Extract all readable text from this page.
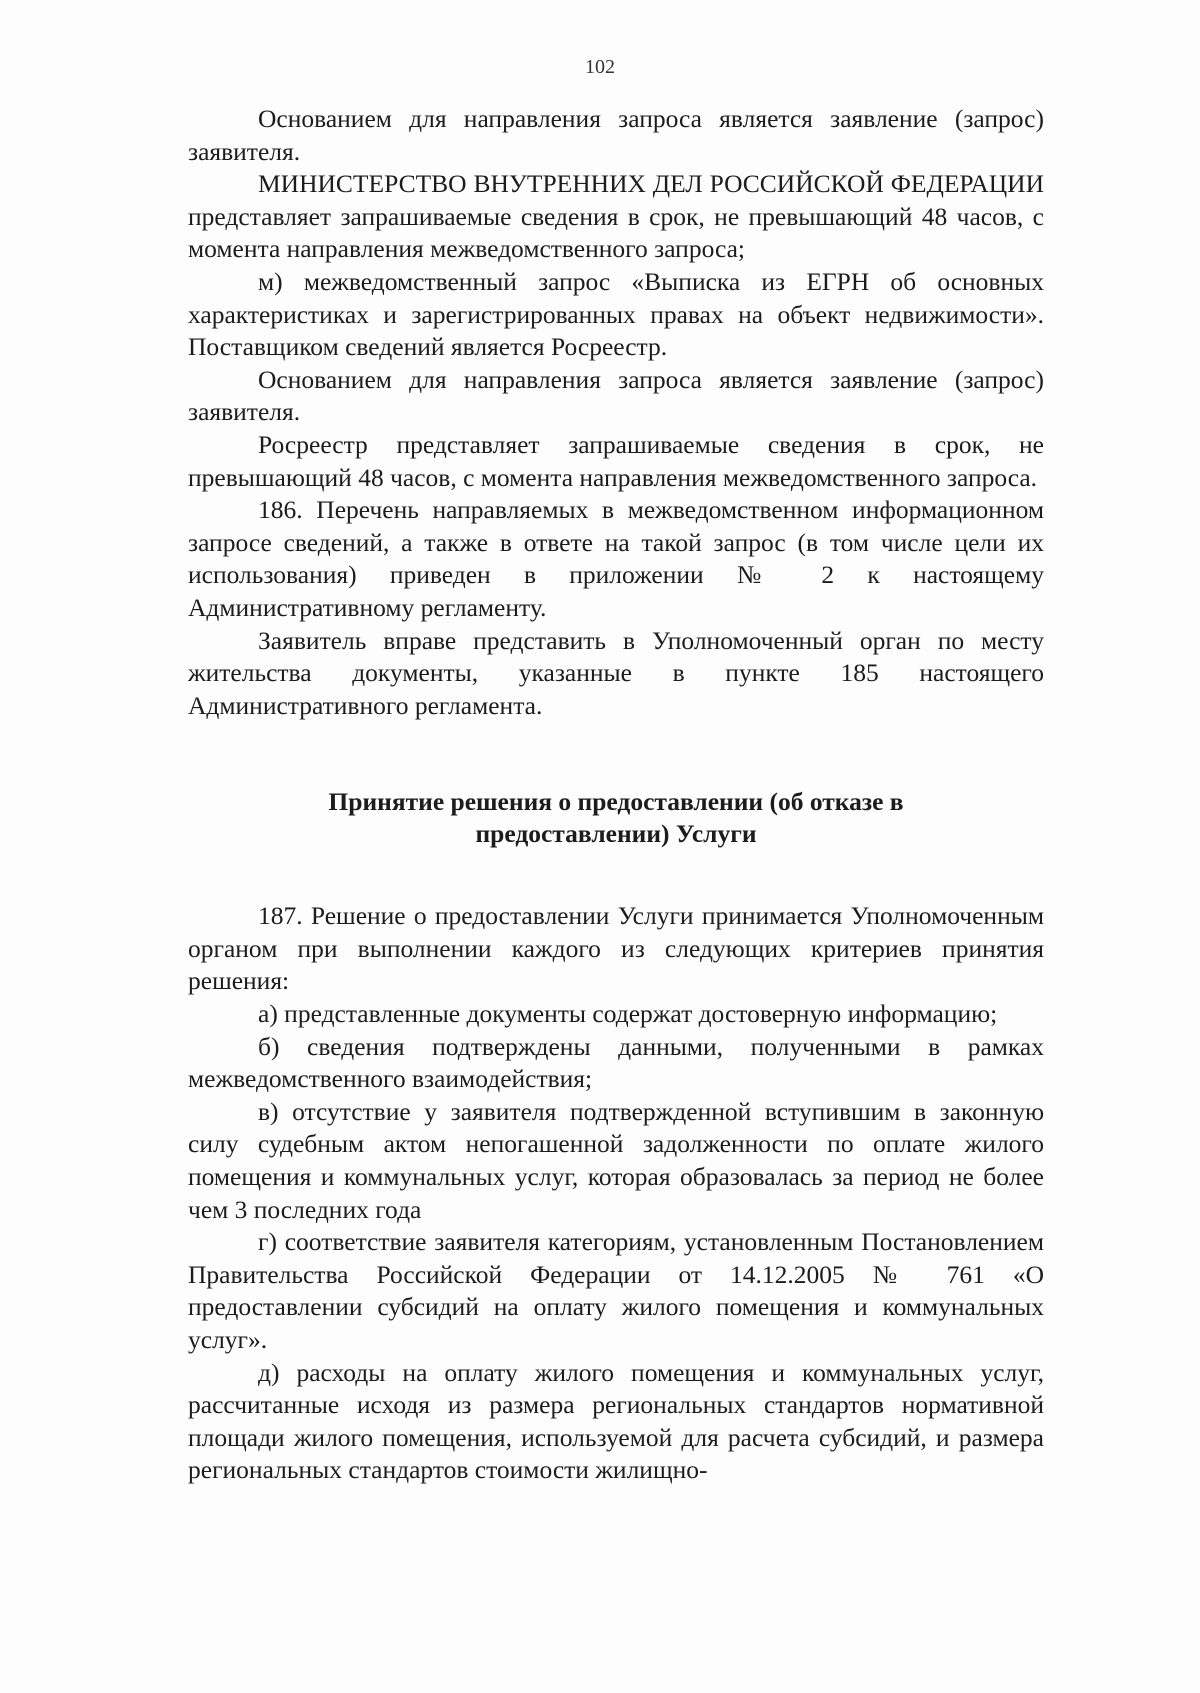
102

Основанием для направления запроса является заявление (запрос) заявителя.

МИНИСТЕРСТВО ВНУТРЕННИХ ДЕЛ РОССИЙСКОЙ ФЕДЕРАЦИИ представляет запрашиваемые сведения в срок, не превышающий 48 часов, с момента направления межведомственного запроса;

м) межведомственный запрос «Выписка из ЕГРН об основных характеристиках и зарегистрированных правах на объект недвижимости». Поставщиком сведений является Росреестр.

Основанием для направления запроса является заявление (запрос) заявителя.

Росреестр представляет запрашиваемые сведения в срок, не превышающий 48 часов, с момента направления межведомственного запроса.

186. Перечень направляемых в межведомственном информационном запросе сведений, а также в ответе на такой запрос (в том числе цели их использования) приведен в приложении № 2 к настоящему Административному регламенту.

Заявитель вправе представить в Уполномоченный орган по месту жительства документы, указанные в пункте 185 настоящего Административного регламента.

Принятие решения о предоставлении (об отказе в
предоставлении) Услуги

187. Решение о предоставлении Услуги принимается Уполномоченным органом при выполнении каждого из следующих критериев принятия решения:

а) представленные документы содержат достоверную информацию;

б) сведения подтверждены данными, полученными в рамках межведомственного взаимодействия;

в) отсутствие у заявителя подтвержденной вступившим в законную силу судебным актом непогашенной задолженности по оплате жилого помещения и коммунальных услуг, которая образовалась за период не более чем 3 последних года

г) соответствие заявителя категориям, установленным Постановлением Правительства Российской Федерации от 14.12.2005 № 761 «О предоставлении субсидий на оплату жилого помещения и коммунальных услуг».

д) расходы на оплату жилого помещения и коммунальных услуг, рассчитанные исходя из размера региональных стандартов нормативной площади жилого помещения, используемой для расчета субсидий, и размера региональных стандартов стоимости жилищно-
